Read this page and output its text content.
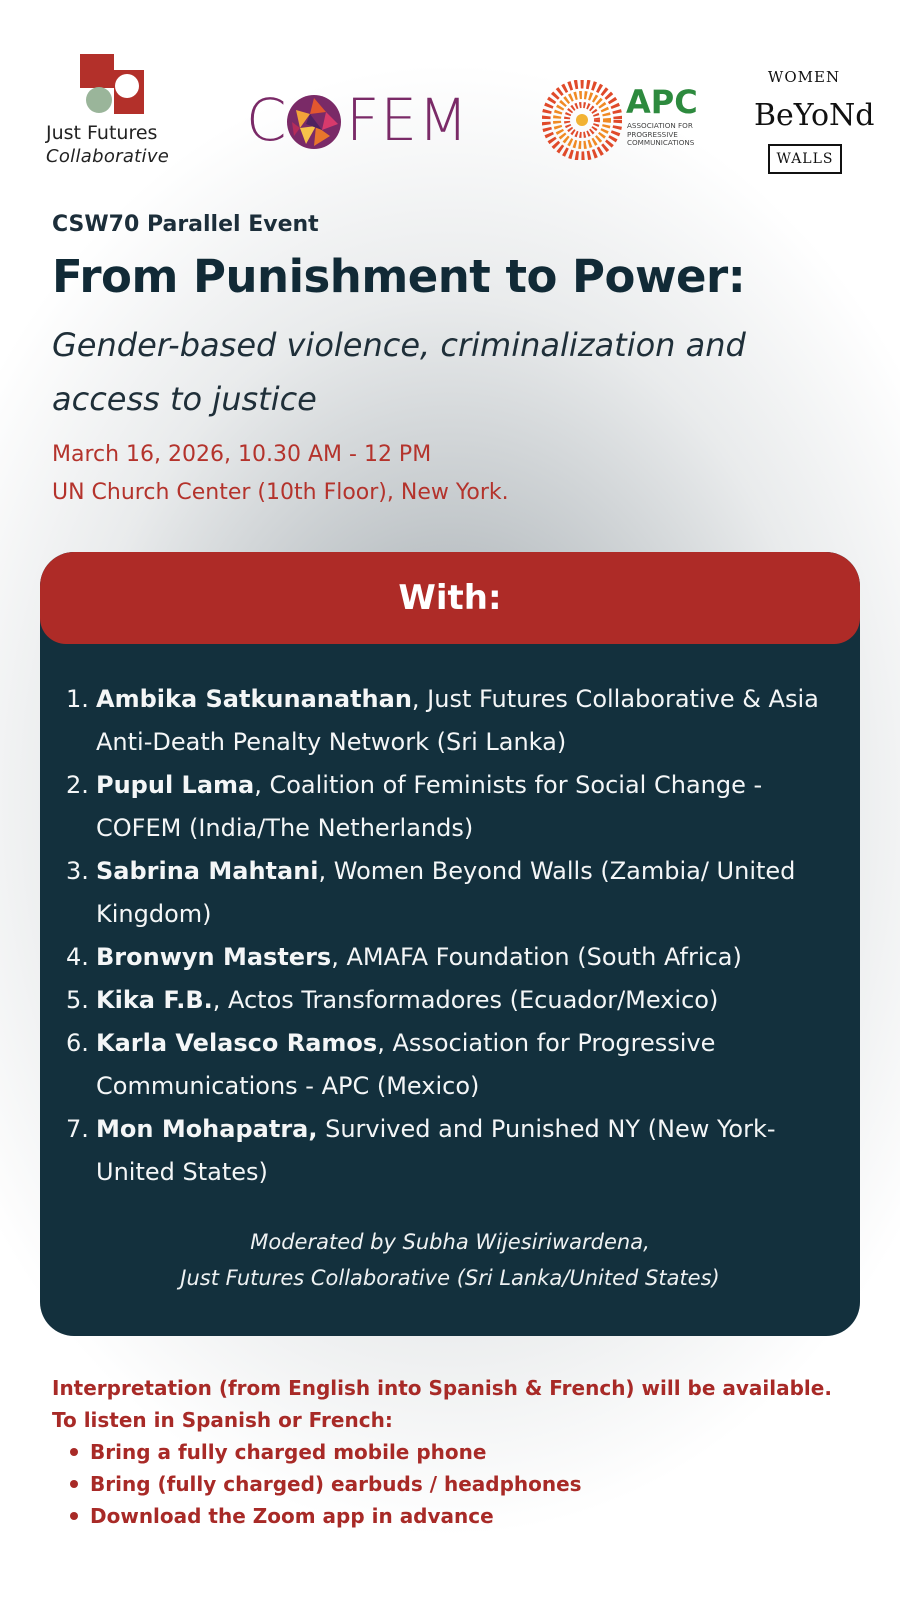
Just Futures
Collaborative
C FEM	APC
ASSOCIATION FOR PROGRESSIVE COMMUNICATIONS
WOMEN
BeYoNd
WALLS
CSW70 Parallel Event
From Punishment to Power:
Gender-based violence, criminalization and access to justice
March 16, 2026, 10.30 AM - 12 PM
UN Church Center (10th Floor), New York.
With:
1. Ambika Satkunanathan, Just Futures Collaborative & Asia Anti-Death Penalty Network (Sri Lanka)
2. Pupul Lama, Coalition of Feminists for Social Change - COFEM (India/The Netherlands)
3. Sabrina Mahtani, Women Beyond Walls (Zambia/ United Kingdom)
4. Bronwyn Masters, AMAFA Foundation (South Africa)
5. Kika F.B., Actos Transformadores (Ecuador/Mexico)
6. Karla Velasco Ramos, Association for Progressive Communications - APC (Mexico)
7. Mon Mohapatra, Survived and Punished NY (New York- United States)
Moderated by Subha Wijesiriwardena,
Just Futures Collaborative (Sri Lanka/United States)
Interpretation (from English into Spanish & French) will be available.
To listen in Spanish or French:
Bring a fully charged mobile phone
Bring (fully charged) earbuds / headphones
Download the Zoom app in advance
